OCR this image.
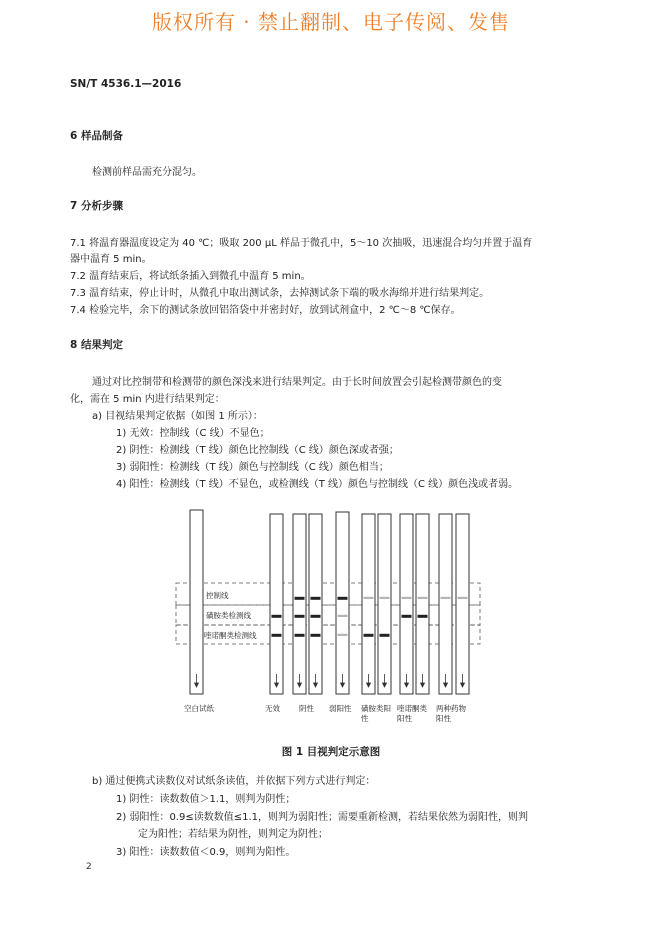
版权所有 · 禁止翻制、电子传阅、发售
SN/T 4536.1—2016
6 样品制备
检测前样品需充分混匀。
7 分析步骤
7.1 将温育器温度设定为 40 ℃；吸取 200 μL 样品于微孔中，5～10 次抽吸，迅速混合均匀并置于温育
器中温育 5 min。
7.2 温育结束后，将试纸条插入到微孔中温育 5 min。
7.3 温育结束，停止计时，从微孔中取出测试条，去掉测试条下端的吸水海绵并进行结果判定。
7.4 检验完毕，余下的测试条放回铝箔袋中并密封好，放到试剂盒中，2 ℃～8 ℃保存。
8 结果判定
通过对比控制带和检测带的颜色深浅来进行结果判定。由于长时间放置会引起检测带颜色的变
化，需在 5 min 内进行结果判定：
a) 目视结果判定依据（如图 1 所示）：
1) 无效：控制线（C 线）不显色；
2) 阴性：检测线（T 线）颜色比控制线（C 线）颜色深或者强；
3) 弱阳性：检测线（T 线）颜色与控制线（C 线）颜色相当；
4) 阳性：检测线（T 线）不显色，或检测线（T 线）颜色与控制线（C 线）颜色浅或者弱。
控制线
磺胺类检测线
喹诺酮类检测线
空白试纸	无效	阴性 弱阳性 磺胺类阳
性
喹诺酮类
阳性
两种药物
阳性
图 1 目视判定示意图
b) 通过便携式读数仪对试纸条读值，并依据下列方式进行判定：
1) 阴性：读数数值＞1.1，则判为阴性；
2) 弱阳性：0.9≤读数数值≤1.1，则判为弱阳性；需要重新检测，若结果依然为弱阳性，则判
定为阳性；若结果为阴性，则判定为阴性；
3) 阳性：读数数值＜0.9，则判为阳性。
2
